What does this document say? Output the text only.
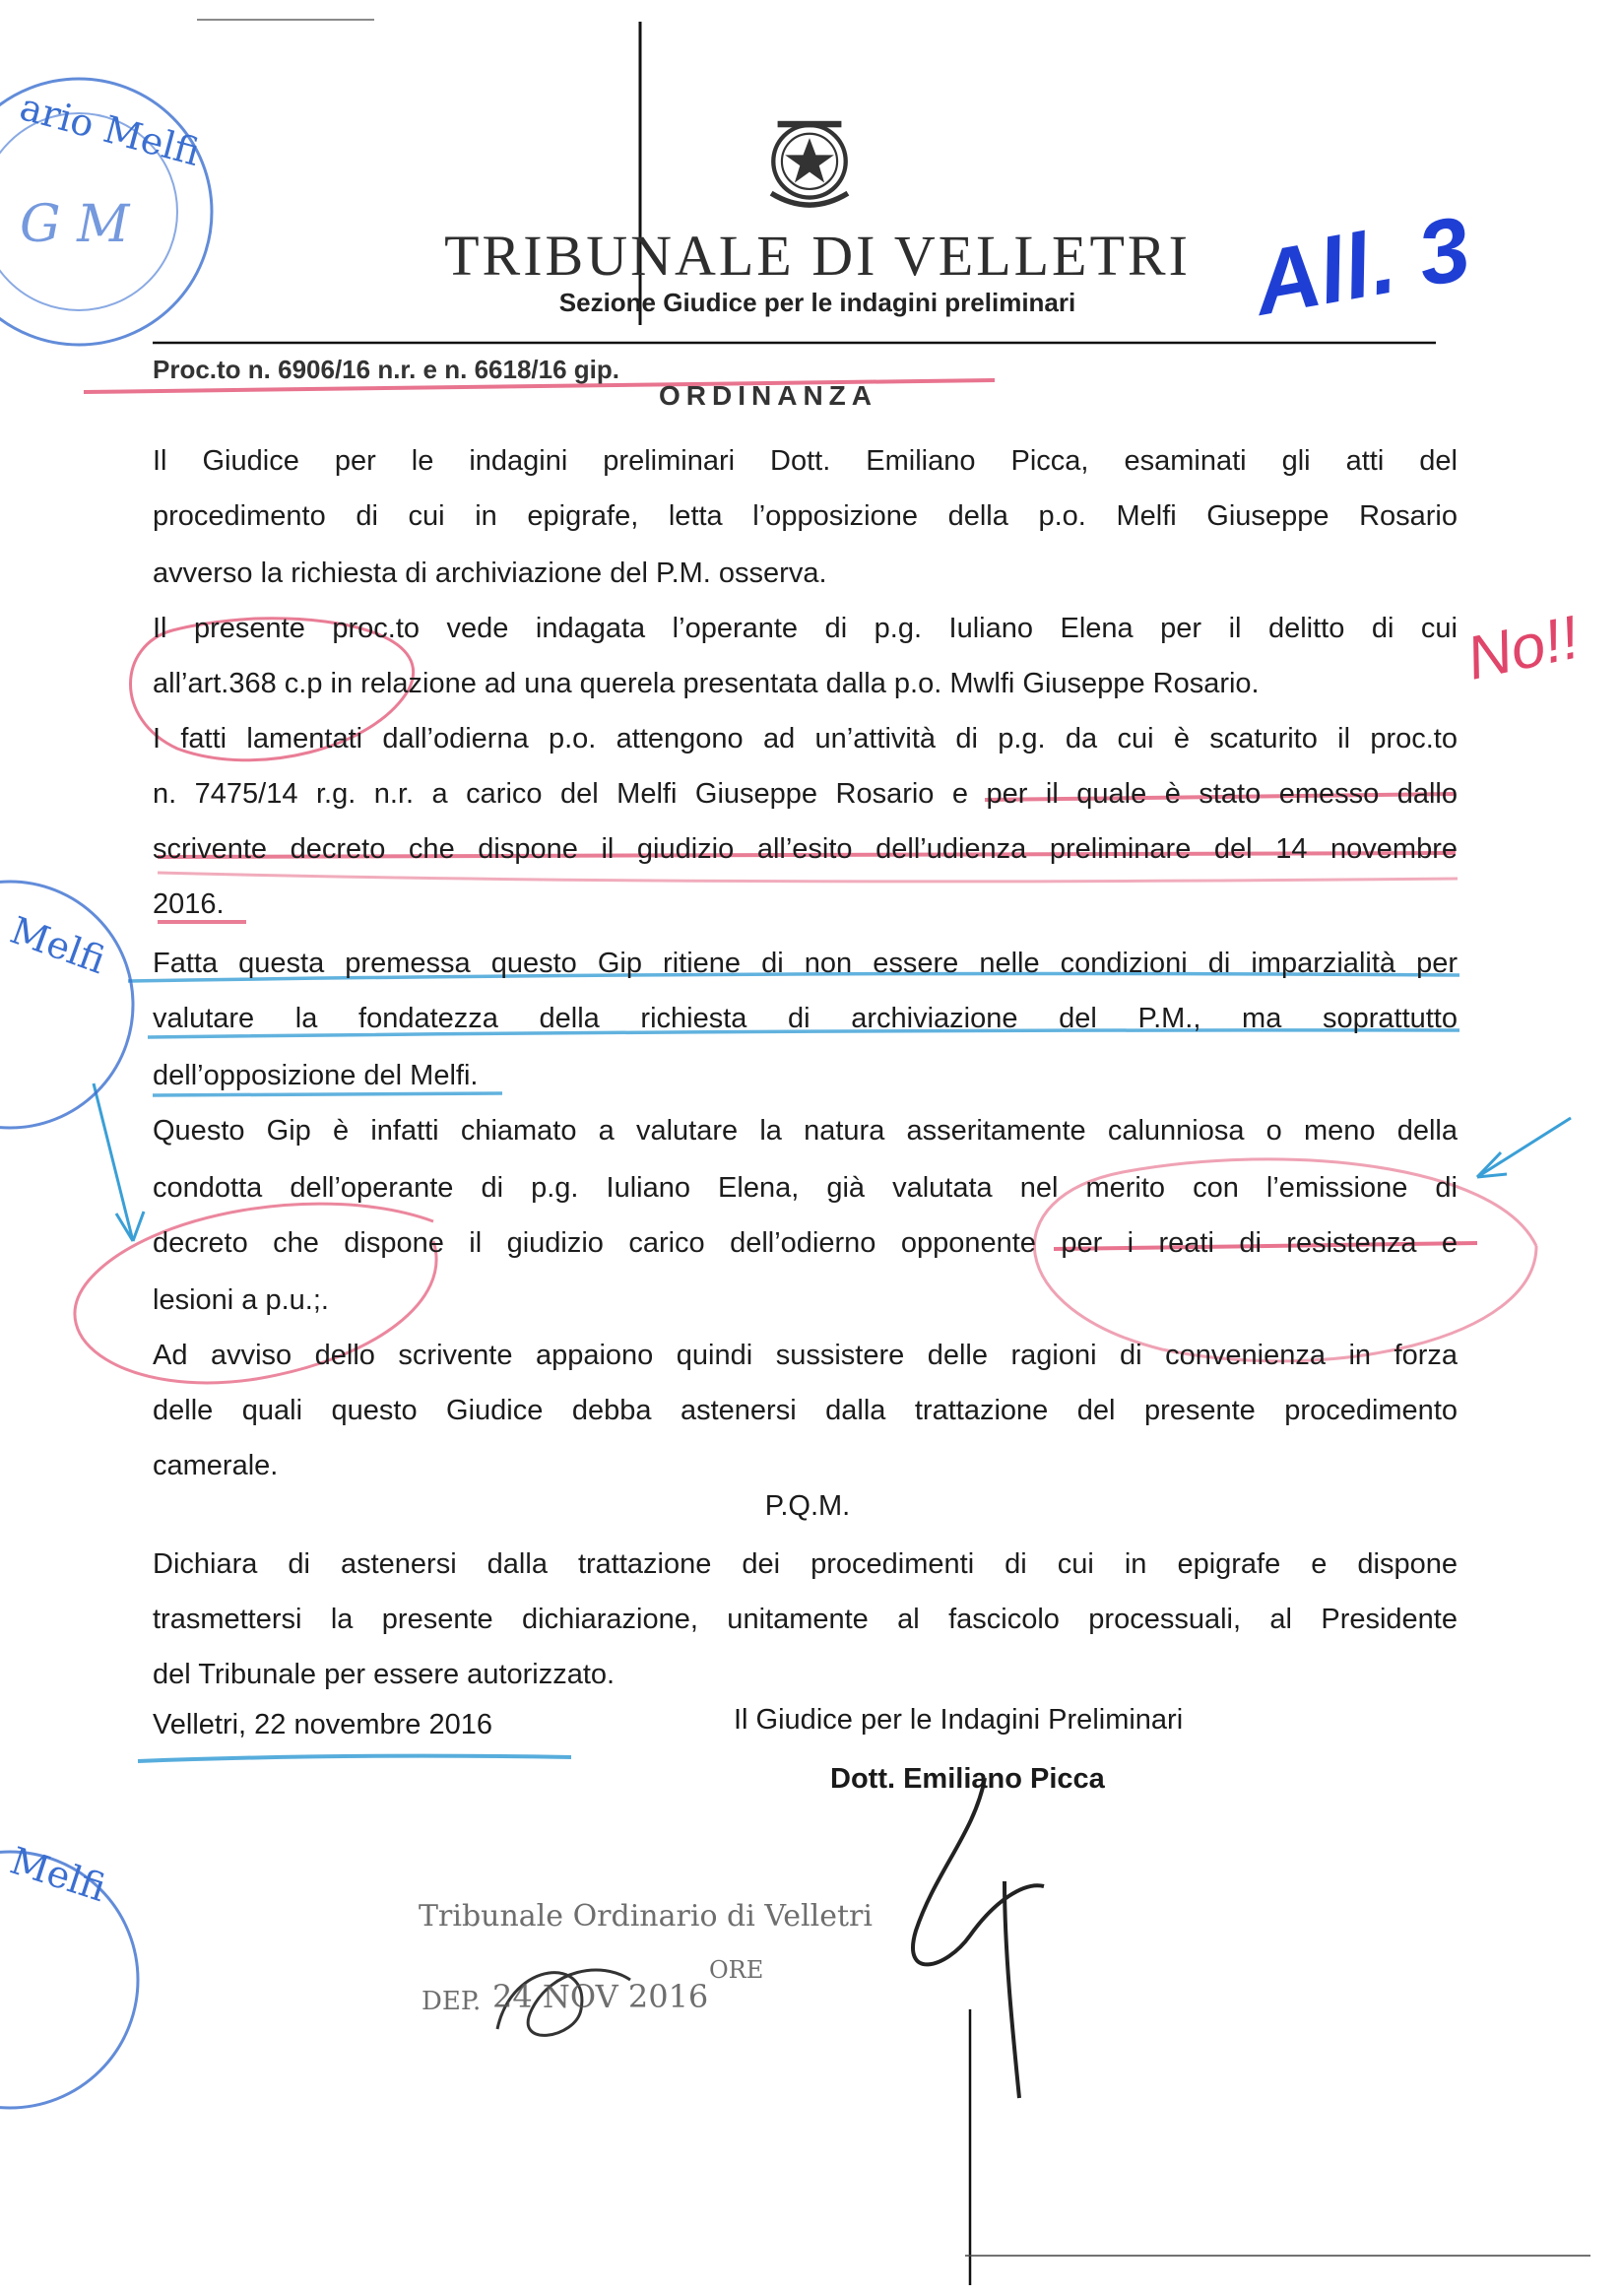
TRIBUNALE DI VELLETRI
Sezione Giudice per le indagini preliminari
Proc.to n. 6906/16 n.r. e n. 6618/16 gip.
ORDINANZA
Il Giudice per le indagini preliminari Dott. Emiliano Picca, esaminati gli atti del
procedimento di cui in epigrafe, letta l’opposizione della p.o. Melfi Giuseppe Rosario
avverso la richiesta di archiviazione del P.M. osserva.
Il presente proc.to vede indagata l’operante di p.g. Iuliano Elena per il delitto di cui
all’art.368 c.p in relazione ad una querela presentata dalla p.o. Mwlfi Giuseppe Rosario.
I fatti lamentati dall’odierna p.o. attengono ad un’attività di p.g. da cui è scaturito il proc.to
n. 7475/14 r.g. n.r. a carico del Melfi Giuseppe Rosario e per il quale è stato emesso dallo
scrivente decreto che dispone il giudizio all’esito dell’udienza preliminare del 14 novembre
2016.
Fatta questa premessa questo Gip ritiene di non essere nelle condizioni di imparzialità per
valutare la fondatezza della richiesta di archiviazione del P.M., ma soprattutto
dell’opposizione del Melfi.
Questo Gip è infatti chiamato a valutare la natura asseritamente calunniosa o meno della
condotta dell’operante di p.g. Iuliano Elena, già valutata nel merito con l’emissione di
decreto che dispone il giudizio carico dell’odierno opponente per i reati di resistenza e
lesioni a p.u.;.
Ad avviso dello scrivente appaiono quindi sussistere delle ragioni di convenienza in forza
delle quali questo Giudice debba astenersi dalla trattazione del presente procedimento
camerale.
P.Q.M.
Dichiara di astenersi dalla trattazione dei procedimenti di cui in epigrafe e dispone
trasmettersi la presente dichiarazione, unitamente al fascicolo processuali, al Presidente
del Tribunale per essere autorizzato.
Velletri, 22 novembre 2016	Il Giudice per le Indagini Preliminari
Dott. Emiliano Picca
All. 3
No!!
ario Melfi
G M
Melfi
Melfi
Tribunale Ordinario di Velletri
DEP. 24 NOV 2016
ORE
